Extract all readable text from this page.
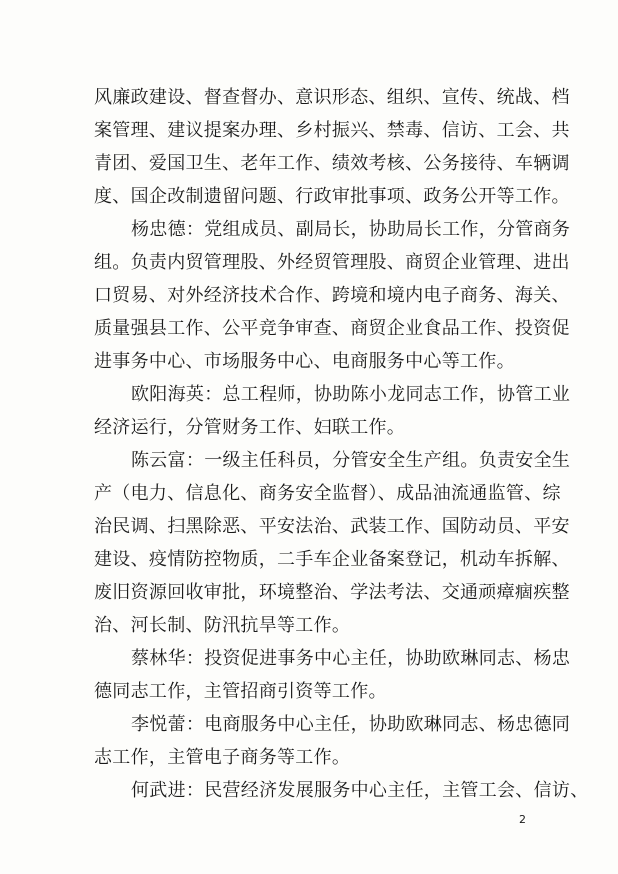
风廉政建设、督查督办、意识形态、组织、宣传、统战、档
案管理、建议提案办理、乡村振兴、禁毒、信访、工会、共
青团、爱国卫生、老年工作、绩效考核、公务接待、车辆调
度、国企改制遗留问题、行政审批事项、政务公开等工作。
杨忠德：党组成员、副局长，协助局长工作，分管商务
组。负责内贸管理股、外经贸管理股、商贸企业管理、进出
口贸易、对外经济技术合作、跨境和境内电子商务、海关、
质量强县工作、公平竞争审查、商贸企业食品工作、投资促
进事务中心、市场服务中心、电商服务中心等工作。
欧阳海英：总工程师，协助陈小龙同志工作，协管工业
经济运行，分管财务工作、妇联工作。
陈云富：一级主任科员，分管安全生产组。负责安全生
产（电力、信息化、商务安全监督）、成品油流通监管、综
治民调、扫黑除恶、平安法治、武装工作、国防动员、平安
建设、疫情防控物质，二手车企业备案登记，机动车拆解、
废旧资源回收审批，环境整治、学法考法、交通顽瘴痼疾整
治、河长制、防汛抗旱等工作。
蔡林华：投资促进事务中心主任，协助欧琳同志、杨忠
德同志工作，主管招商引资等工作。
李悦蕾：电商服务中心主任，协助欧琳同志、杨忠德同
志工作，主管电子商务等工作。
何武进：民营经济发展服务中心主任，主管工会、信访、
2
